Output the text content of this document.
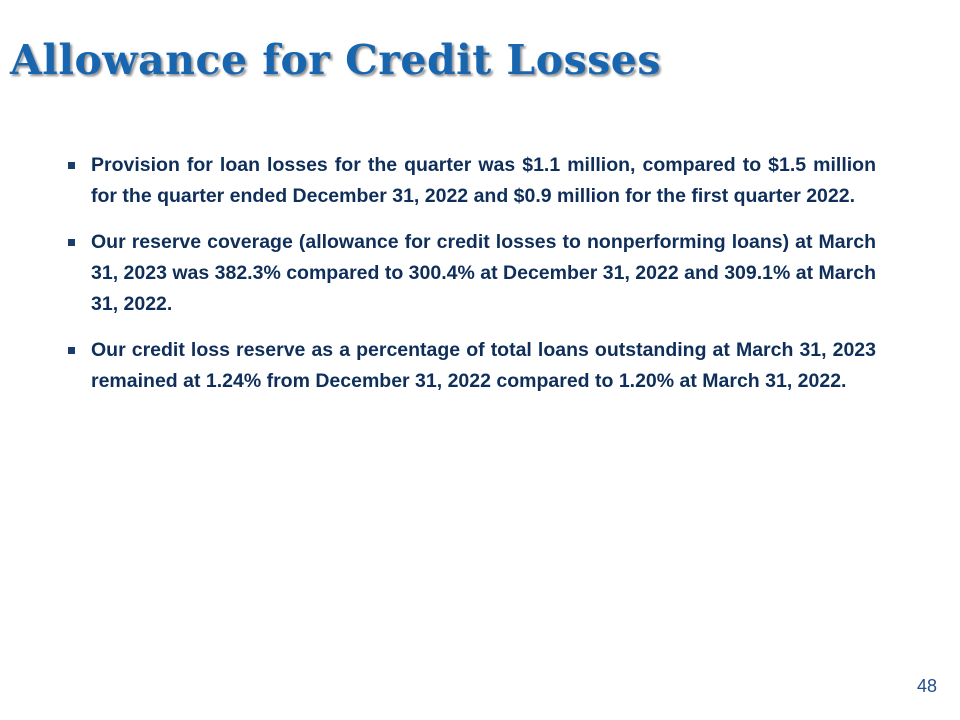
Allowance for Credit Losses
Provision for loan losses for the quarter was $1.1 million, compared to $1.5 million for the quarter ended December 31, 2022 and $0.9 million for the first quarter 2022.
Our reserve coverage (allowance for credit losses to nonperforming loans) at March 31, 2023 was 382.3% compared to 300.4% at December 31, 2022 and 309.1% at March 31, 2022.
Our credit loss reserve as a percentage of total loans outstanding at March 31, 2023 remained at 1.24% from December 31, 2022 compared to 1.20% at March 31, 2022.
48
